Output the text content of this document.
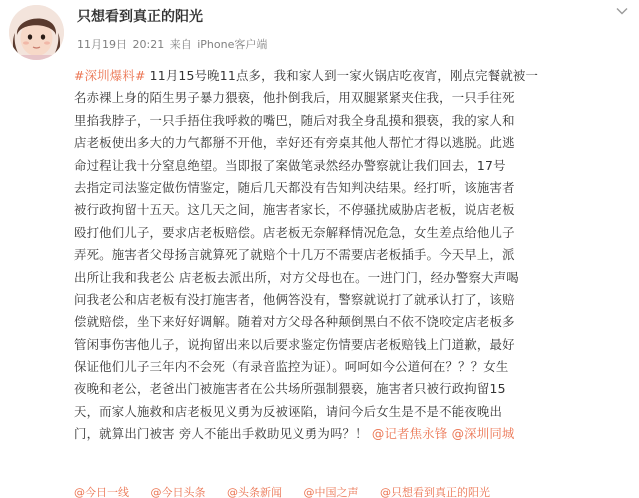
只想看到真正的阳光
11月19日 20:21 来自 iPhone客户端
#深圳爆料# 11月15号晚11点多，我和家人到一家火锅店吃夜宵，刚点完餐就被一
名赤裸上身的陌生男子暴力猥亵，他扑倒我后，用双腿紧紧夹住我，一只手往死
里掐我脖子，一只手捂住我呼救的嘴巴，随后对我全身乱摸和猥亵，我的家人和
店老板使出多大的力气都掰不开他，幸好还有旁桌其他人帮忙才得以逃脱。此逃
命过程让我十分窒息绝望。当即报了案做笔录然经办警察就让我们回去，17号
去指定司法鉴定做伤情鉴定，随后几天都没有告知判决结果。经打听，该施害者
被行政拘留十五天。这几天之间，施害者家长，不停骚扰威胁店老板，说店老板
殴打他们儿子，要求店老板赔偿。店老板无奈解释情况危急，女生差点给他儿子
弄死。施害者父母扬言就算死了就赔个十几万不需要店老板插手。今天早上，派
出所让我和我老公 店老板去派出所，对方父母也在。一进门门，经办警察大声喝
问我老公和店老板有没打施害者，他俩答没有，警察就说打了就承认打了，该赔
偿就赔偿，坐下来好好调解。随着对方父母各种颠倒黑白不依不饶咬定店老板多
管闲事伤害他儿子，说拘留出来以后要求鉴定伤情要店老板赔钱上门道歉，最好
保证他们儿子三年内不会死（有录音监控为证）。呵呵如今公道何在？？？女生
夜晚和老公，老爸出门被施害者在公共场所强制猥亵，施害者只被行政拘留15
天，而家人施救和店老板见义勇为反被诬陷，请问今后女生是不是不能夜晚出
门，就算出门被害 旁人不能出手救助见义勇为吗？！ @记者焦永锋 @深圳同城
@今日一线 @今日头条 @头条新闻 @中国之声 @只想看到真正的阳光
